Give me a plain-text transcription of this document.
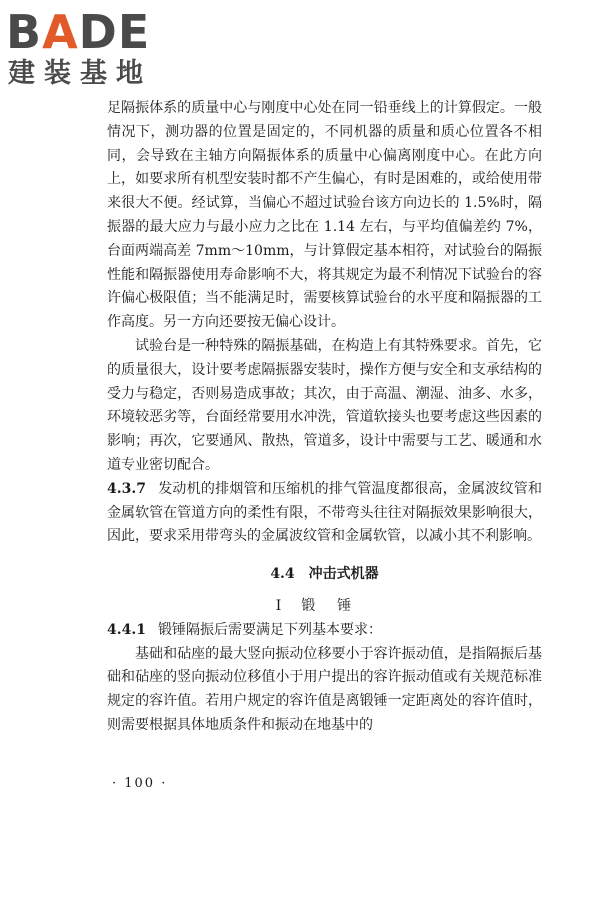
BADE
建装基地

足隔振体系的质量中心与刚度中心处在同一铅垂线上的计算假定。一般情况下，测功器的位置是固定的，不同机器的质量和质心位置各不相同，会导致在主轴方向隔振体系的质量中心偏离刚度中心。在此方向上，如要求所有机型安装时都不产生偏心，有时是困难的，或给使用带来很大不便。经试算，当偏心不超过试验台该方向边长的 1.5%时，隔振器的最大应力与最小应力之比在 1.14 左右，与平均值偏差约 7%，台面两端高差 7mm～10mm，与计算假定基本相符，对试验台的隔振性能和隔振器使用寿命影响不大，将其规定为最不利情况下试验台的容许偏心极限值；当不能满足时，需要核算试验台的水平度和隔振器的工作高度。另一方向还要按无偏心设计。

试验台是一种特殊的隔振基础，在构造上有其特殊要求。首先，它的质量很大，设计要考虑隔振器安装时，操作方便与安全和支承结构的受力与稳定，否则易造成事故；其次，由于高温、潮湿、油多、水多，环境较恶劣等，台面经常要用水冲洗，管道软接头也要考虑这些因素的影响；再次，它要通风、散热，管道多，设计中需要与工艺、暖通和水道专业密切配合。

4.3.7 发动机的排烟管和压缩机的排气管温度都很高，金属波纹管和金属软管在管道方向的柔性有限，不带弯头往往对隔振效果影响很大，因此，要求采用带弯头的金属波纹管和金属软管，以减小其不利影响。

4.4 冲击式机器

Ⅰ 锻锤

4.4.1 锻锤隔振后需要满足下列基本要求：

基础和砧座的最大竖向振动位移要小于容许振动值，是指隔振后基础和砧座的竖向振动位移值小于用户提出的容许振动值或有关规范标准规定的容许值。若用户规定的容许值是离锻锤一定距离处的容许值时，则需要根据具体地质条件和振动在地基中的

· 100 ·
